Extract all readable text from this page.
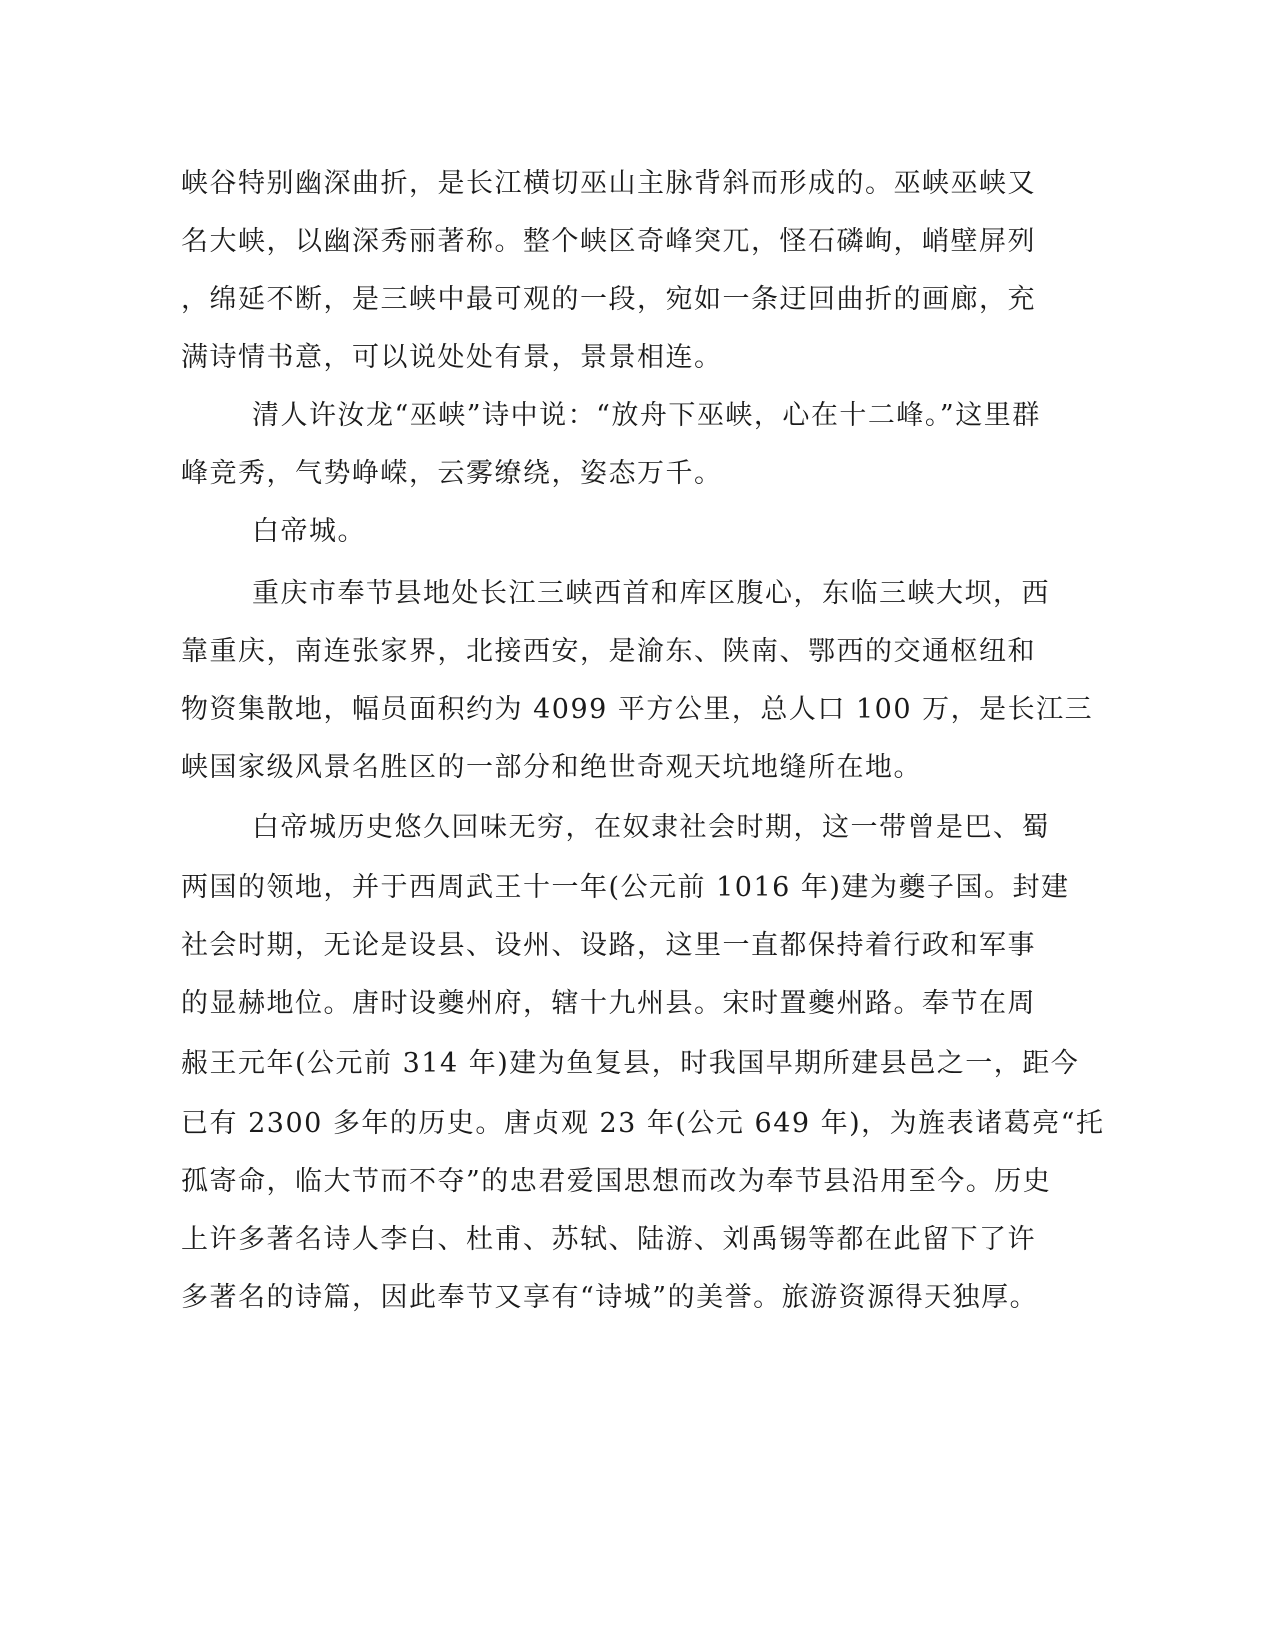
峡谷特别幽深曲折，是长江横切巫山主脉背斜而形成的。巫峡巫峡又
名大峡，以幽深秀丽著称。整个峡区奇峰突兀，怪石磷峋，峭壁屏列
，绵延不断，是三峡中最可观的一段，宛如一条迂回曲折的画廊，充
满诗情书意，可以说处处有景，景景相连。
清人许汝龙“巫峡”诗中说：“放舟下巫峡，心在十二峰。”这里群
峰竞秀，气势峥嵘，云雾缭绕，姿态万千。
白帝城。
重庆市奉节县地处长江三峡西首和库区腹心，东临三峡大坝，西
靠重庆，南连张家界，北接西安，是渝东、陕南、鄂西的交通枢纽和
物资集散地，幅员面积约为 4099 平方公里，总人口 100 万，是长江三
峡国家级风景名胜区的一部分和绝世奇观天坑地缝所在地。
白帝城历史悠久回味无穷，在奴隶社会时期，这一带曾是巴、蜀
两国的领地，并于西周武王十一年(公元前 1016 年)建为夔子国。封建
社会时期，无论是设县、设州、设路，这里一直都保持着行政和军事
的显赫地位。唐时设夔州府，辖十九州县。宋时置夔州路。奉节在周
赧王元年(公元前 314 年)建为鱼复县，时我国早期所建县邑之一，距今
已有 2300 多年的历史。唐贞观 23 年(公元 649 年)，为旌表诸葛亮“托
孤寄命，临大节而不夺”的忠君爱国思想而改为奉节县沿用至今。历史
上许多著名诗人李白、杜甫、苏轼、陆游、刘禹锡等都在此留下了许
多著名的诗篇，因此奉节又享有“诗城”的美誉。旅游资源得天独厚。
